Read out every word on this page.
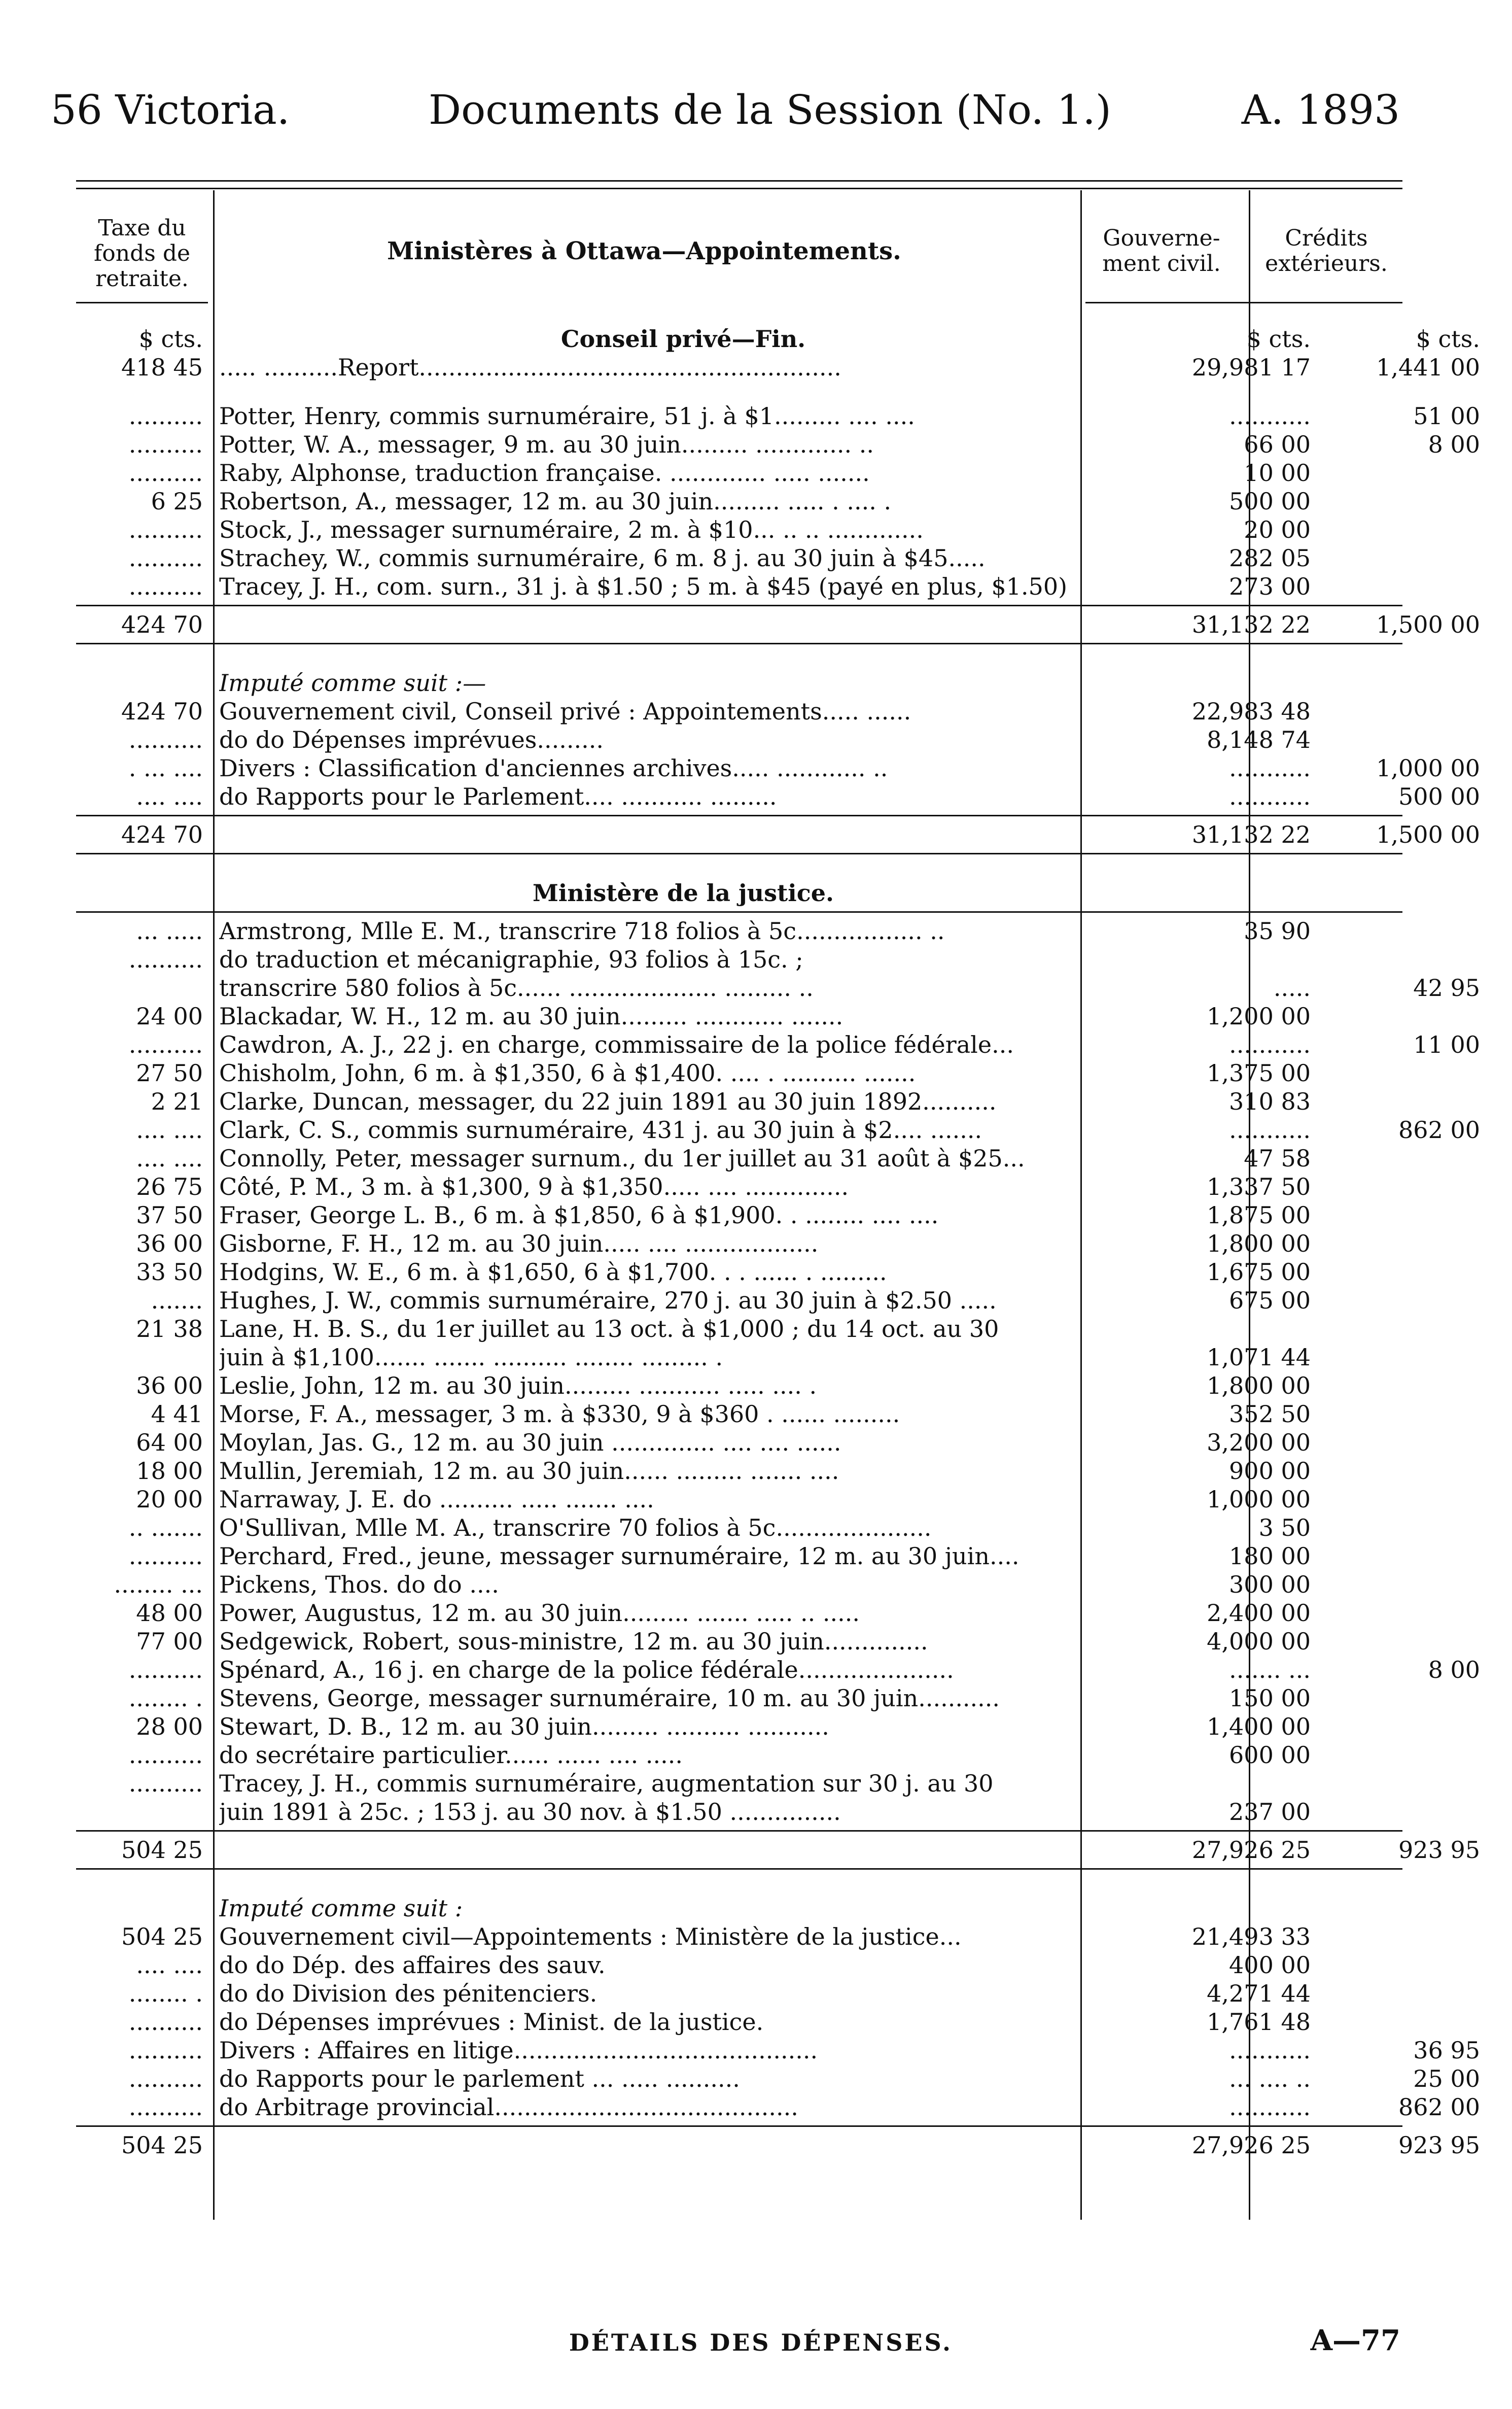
56 Victoria.	Documents de la Session (No. 1.)	A. 1893
Taxe du fonds de retraite.
Ministères à Ottawa—Appointements.	Gouverne-ment civil.
Crédits extérieurs.
$ cts.	Conseil privé—Fin.	$ cts.	$ cts.
418 45 ..... ..........Report.........................................................	29,981 17	1,441 00
.......... Potter, Henry, commis surnuméraire, 51 j. à $1......... .... ....	...........	51 00
.......... Potter, W. A., messager, 9 m. au 30 juin......... ............. ..	66 00	8 00
.......... Raby, Alphonse, traduction française. ............. ..... .......	10 00
6 25 Robertson, A., messager, 12 m. au 30 juin......... ..... . .... .	500 00
.......... Stock, J., messager surnuméraire, 2 m. à $10... .. .. .............	20 00
.......... Strachey, W., commis surnuméraire, 6 m. 8 j. au 30 juin à $45.....	282 05
.......... Tracey, J. H., com. surn., 31 j. à $1.50 ; 5 m. à $45 (payé en plus, $1.50)	273 00
424 70	31,132 22	1,500 00
Imputé comme suit :—
424 70 Gouvernement civil, Conseil privé : Appointements..... ......	22,983 48
.......... do do Dépenses imprévues.........	8,148 74
. ... .... Divers : Classification d'anciennes archives..... ............ ..	...........	1,000 00
.... .... do Rapports pour le Parlement.... ........... .........	...........	500 00
424 70	31,132 22	1,500 00
Ministère de la justice.
... ..... Armstrong, Mlle E. M., transcrire 718 folios à 5c................. ..	35 90
.......... do traduction et mécanigraphie, 93 folios à 15c. ;
transcrire 580 folios à 5c...... .................... ......... ..	.....	42 95
24 00 Blackadar, W. H., 12 m. au 30 juin......... ............ .......	1,200 00
.......... Cawdron, A. J., 22 j. en charge, commissaire de la police fédérale...	...........	11 00
27 50 Chisholm, John, 6 m. à $1,350, 6 à $1,400. .... . .......... .......	1,375 00
2 21 Clarke, Duncan, messager, du 22 juin 1891 au 30 juin 1892..........	310 83
.... .... Clark, C. S., commis surnuméraire, 431 j. au 30 juin à $2.... .......	...........	862 00
.... .... Connolly, Peter, messager surnum., du 1er juillet au 31 août à $25...	47 58
26 75 Côté, P. M., 3 m. à $1,300, 9 à $1,350..... .... ..............	1,337 50
37 50 Fraser, George L. B., 6 m. à $1,850, 6 à $1,900. . ........ .... ....	1,875 00
36 00 Gisborne, F. H., 12 m. au 30 juin..... .... ..................	1,800 00
33 50 Hodgins, W. E., 6 m. à $1,650, 6 à $1,700. . . ...... . .........	1,675 00
....... Hughes, J. W., commis surnuméraire, 270 j. au 30 juin à $2.50 .....	675 00
21 38 Lane, H. B. S., du 1er juillet au 13 oct. à $1,000 ; du 14 oct. au 30
juin à $1,100....... ....... .......... ........ ......... .	1,071 44
36 00 Leslie, John, 12 m. au 30 juin......... ........... ..... .... .	1,800 00
4 41 Morse, F. A., messager, 3 m. à $330, 9 à $360 . ...... .........	352 50
64 00 Moylan, Jas. G., 12 m. au 30 juin .............. .... .... ......	3,200 00
18 00 Mullin, Jeremiah, 12 m. au 30 juin...... ......... ....... ....	900 00
20 00 Narraway, J. E. do .......... ..... ....... ....	1,000 00
.. ....... O'Sullivan, Mlle M. A., transcrire 70 folios à 5c.....................	3 50
.......... Perchard, Fred., jeune, messager surnuméraire, 12 m. au 30 juin....	180 00
........ ... Pickens, Thos. do do ....	300 00
48 00 Power, Augustus, 12 m. au 30 juin......... ....... ..... .. .....	2,400 00
77 00 Sedgewick, Robert, sous-ministre, 12 m. au 30 juin..............	4,000 00
.......... Spénard, A., 16 j. en charge de la police fédérale.....................	....... ...	8 00
........ . Stevens, George, messager surnuméraire, 10 m. au 30 juin...........	150 00
28 00 Stewart, D. B., 12 m. au 30 juin......... .......... ...........	1,400 00
.......... do secrétaire particulier...... ...... .... .....	600 00
.......... Tracey, J. H., commis surnuméraire, augmentation sur 30 j. au 30
juin 1891 à 25c. ; 153 j. au 30 nov. à $1.50 ...............	237 00
504 25	27,926 25	923 95
Imputé comme suit :
504 25 Gouvernement civil—Appointements : Ministère de la justice...	21,493 33
.... .... do do Dép. des affaires des sauv.	400 00
........ . do do Division des pénitenciers.	4,271 44
.......... do Dépenses imprévues : Minist. de la justice.	1,761 48
.......... Divers : Affaires en litige.........................................	...........	36 95
.......... do Rapports pour le parlement ... ..... ..........	... .... ..	25 00
.......... do Arbitrage provincial.........................................	...........	862 00
504 25	27,926 25	923 95
DÉTAILS DES DÉPENSES.	A—77
